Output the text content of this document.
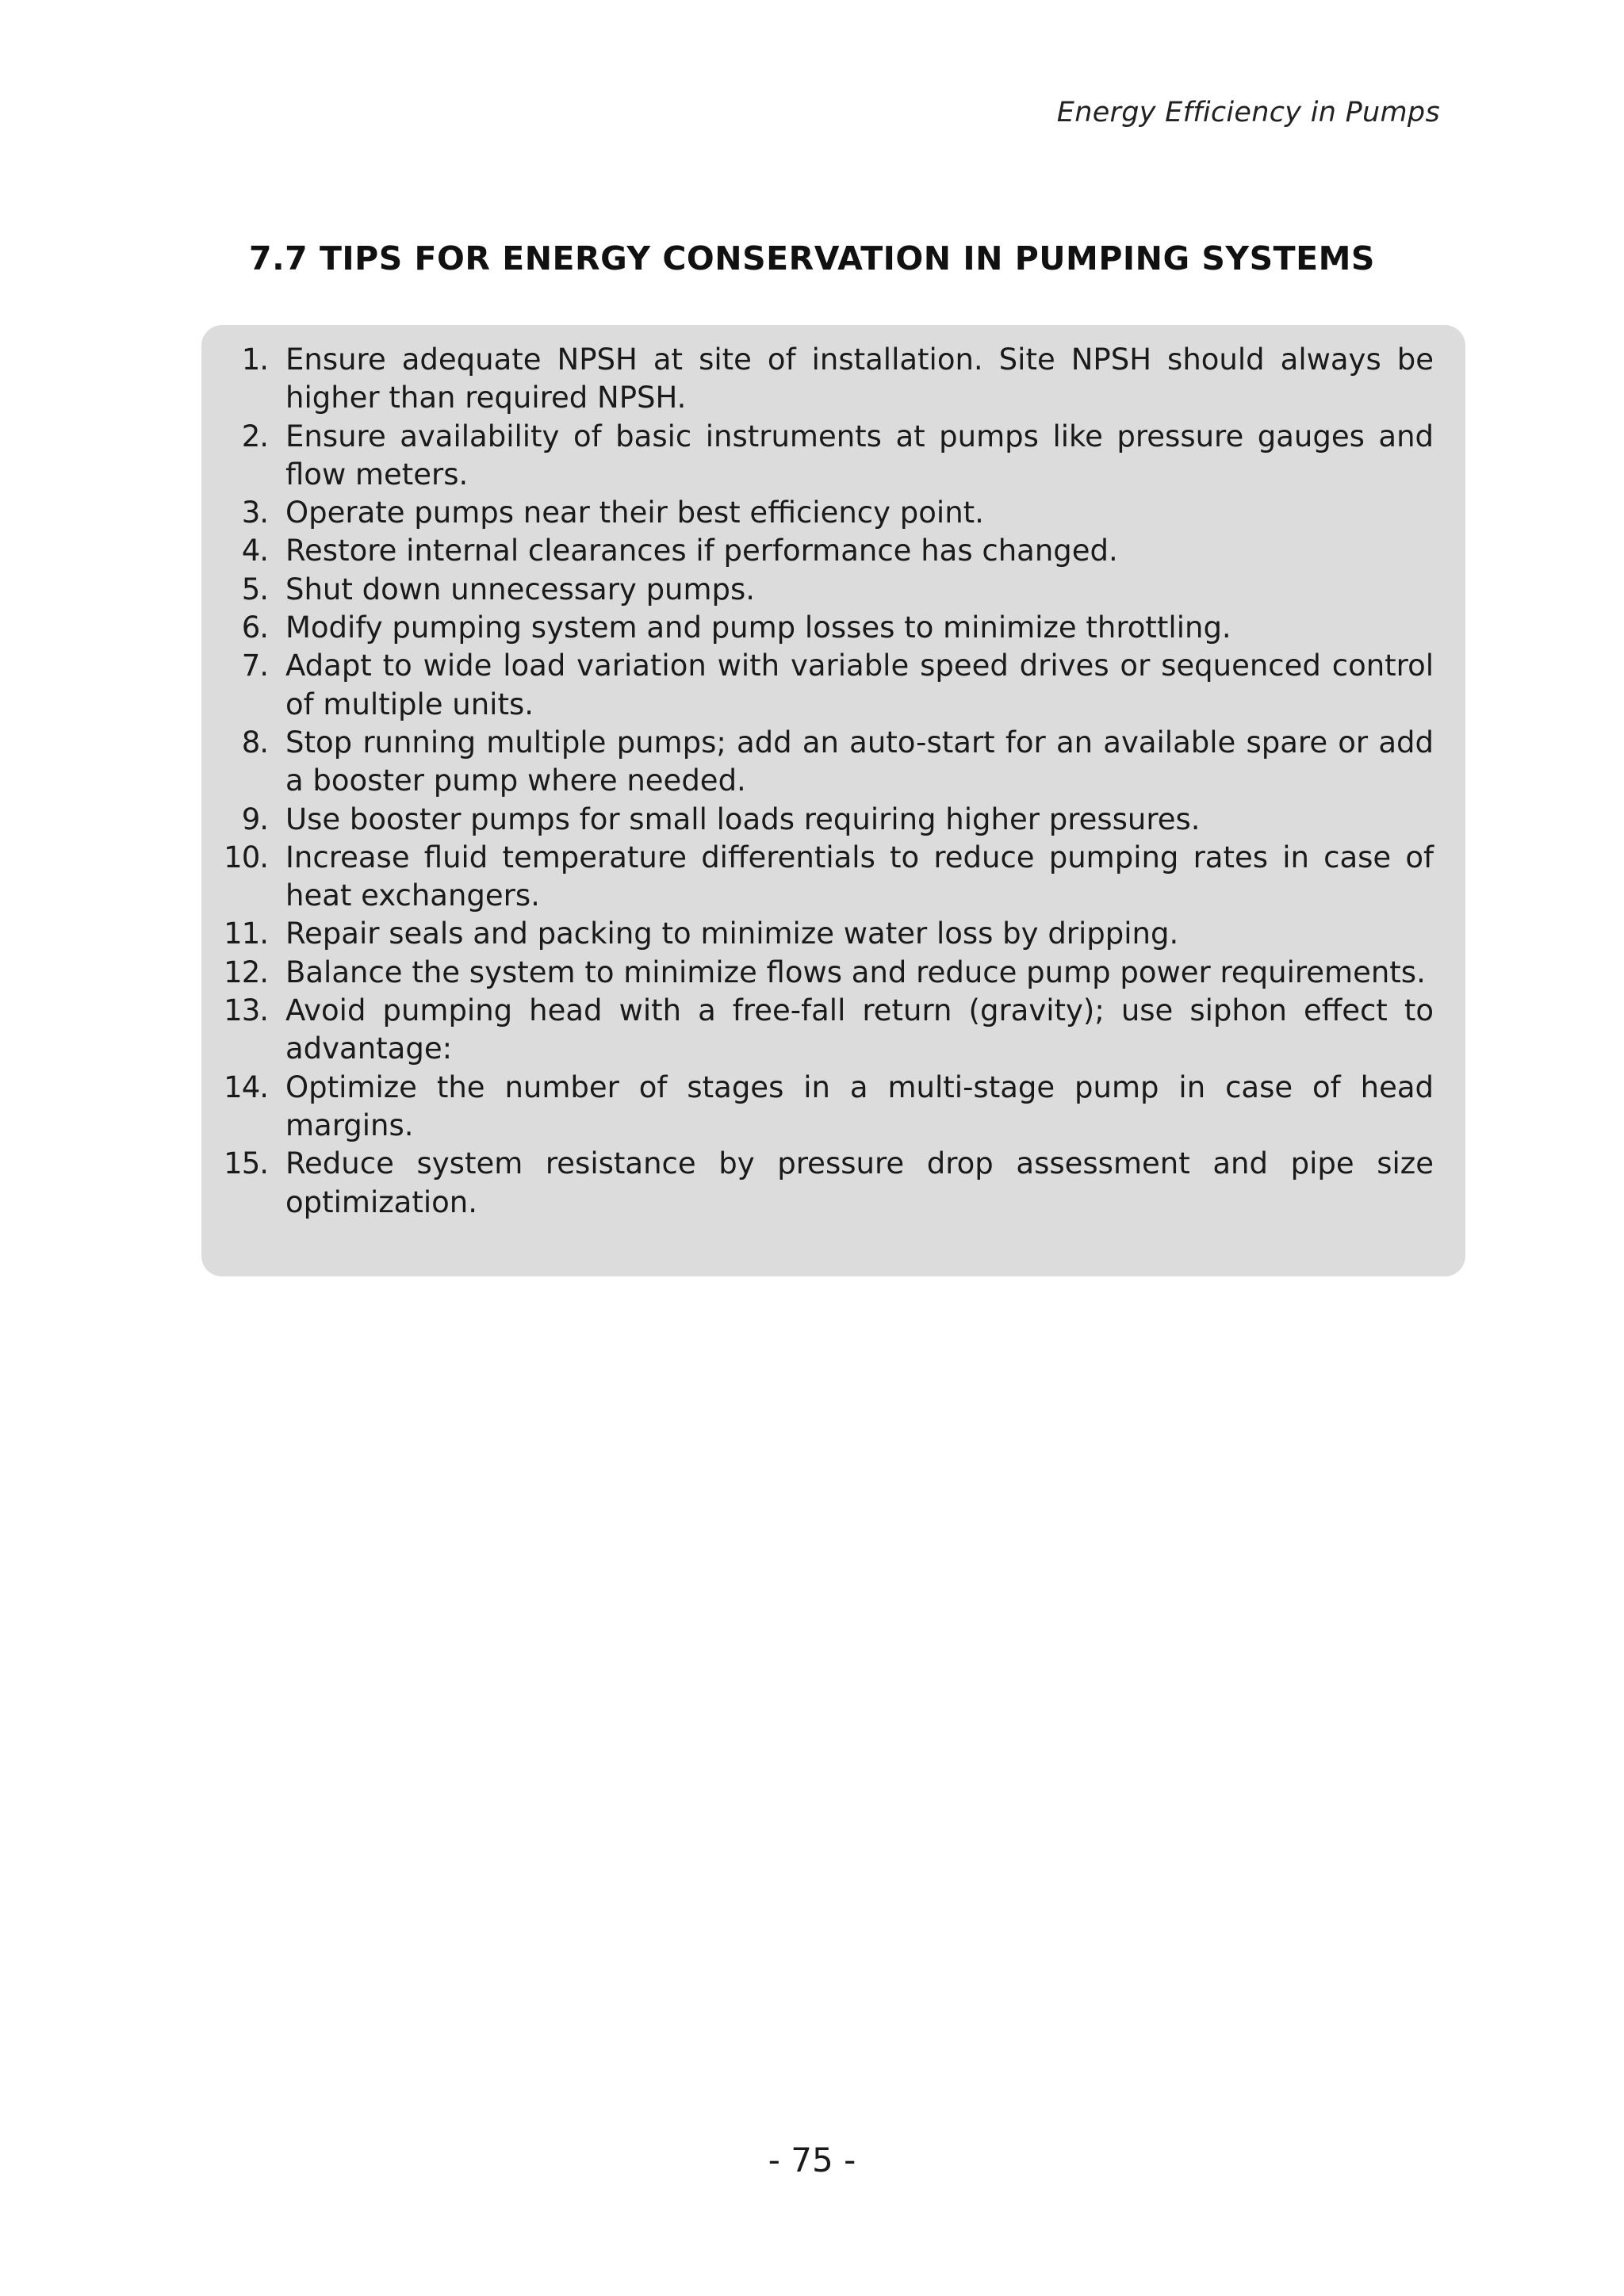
Energy Efficiency in Pumps
7.7 TIPS FOR ENERGY CONSERVATION IN PUMPING SYSTEMS
1. Ensure adequate NPSH at site of installation. Site NPSH should always be higher than required NPSH.
2. Ensure availability of basic instruments at pumps like pressure gauges and flow meters.
3. Operate pumps near their best efficiency point.
4. Restore internal clearances if performance has changed.
5. Shut down unnecessary pumps.
6. Modify pumping system and pump losses to minimize throttling.
7. Adapt to wide load variation with variable speed drives or sequenced control of multiple units.
8. Stop running multiple pumps; add an auto-start for an available spare or add a booster pump where needed.
9. Use booster pumps for small loads requiring higher pressures.
10. Increase fluid temperature differentials to reduce pumping rates in case of heat exchangers.
11. Repair seals and packing to minimize water loss by dripping.
12. Balance the system to minimize flows and reduce pump power requirements.
13. Avoid pumping head with a free-fall return (gravity); use siphon effect to advantage:
14. Optimize the number of stages in a multi-stage pump in case of head margins.
15. Reduce system resistance by pressure drop assessment and pipe size optimization.
- 75 -
